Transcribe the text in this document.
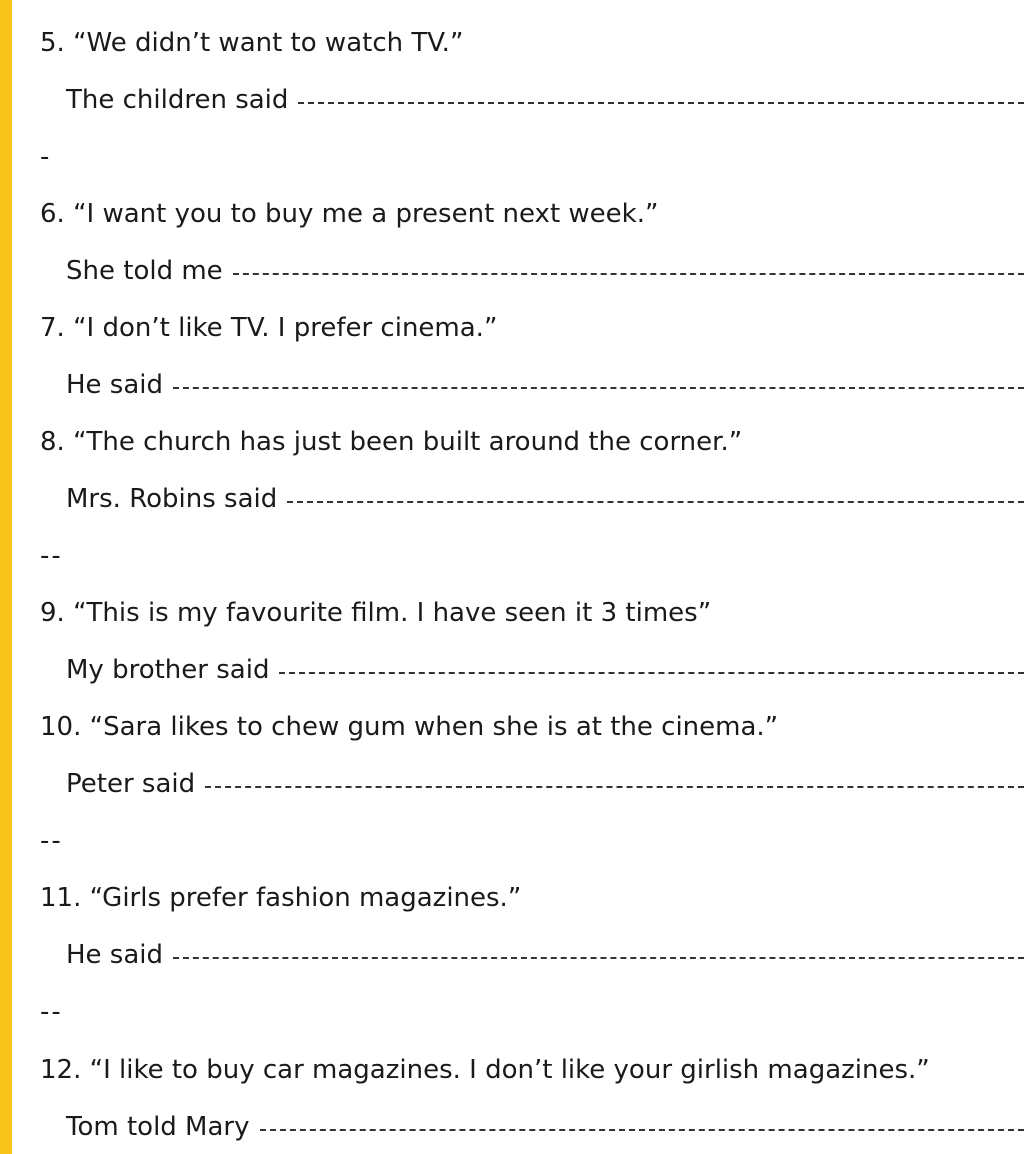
5. “We didn’t want to watch TV.”
The children said
-
6. “I want you to buy me a present next week.”
She told me
7. “I don’t like TV. I prefer cinema.”
He said
8. “The church has just been built around the corner.”
Mrs. Robins said
--
9. “This is my favourite film. I have seen it 3 times”
My brother said
10. “Sara likes to chew gum when she is at the cinema.”
Peter said
--
11. “Girls prefer fashion magazines.”
He said
--
12. “I like to buy car magazines. I don’t like your girlish magazines.”
Tom told Mary
